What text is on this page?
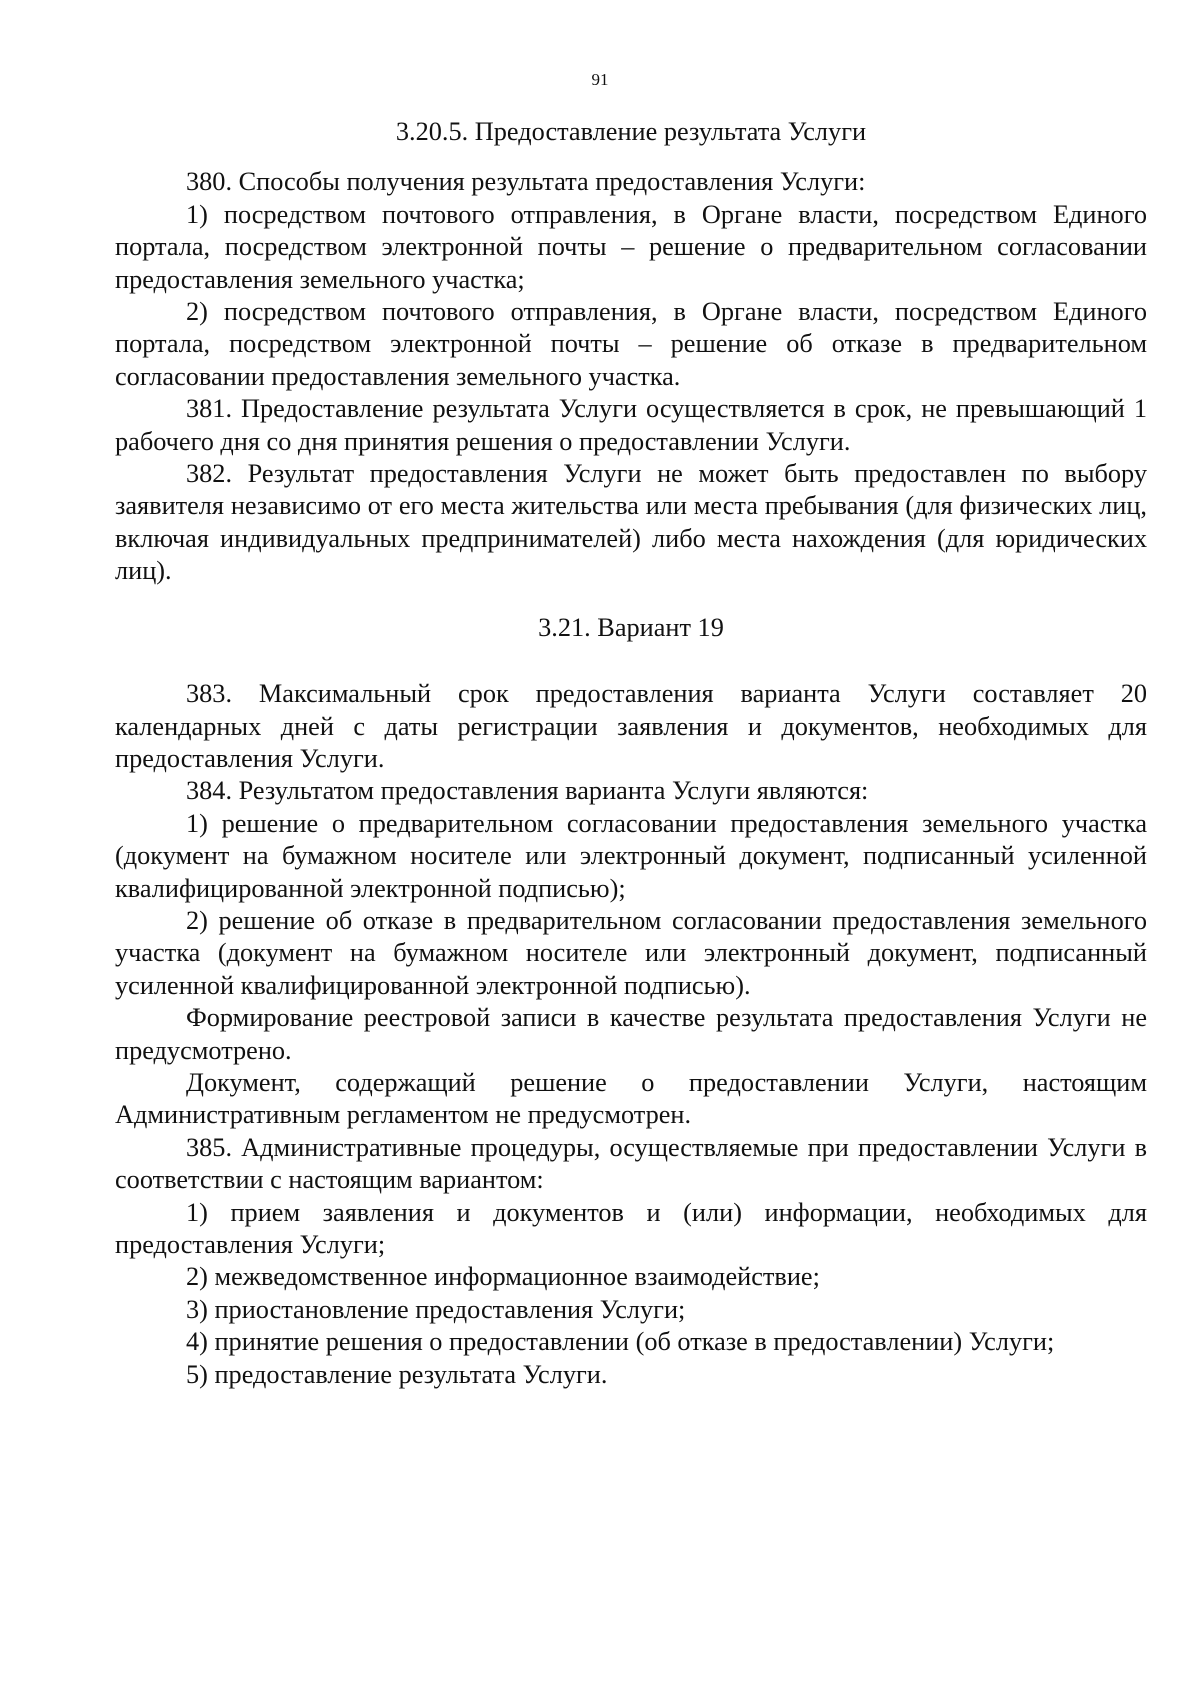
91
3.20.5. Предоставление результата Услуги

380. Способы получения результата предоставления Услуги:

1) посредством почтового отправления, в Органе власти, посредством Единого портала, посредством электронной почты – решение о предварительном согласовании предоставления земельного участка;

2) посредством почтового отправления, в Органе власти, посредством Единого портала, посредством электронной почты – решение об отказе в предварительном согласовании предоставления земельного участка.

381. Предоставление результата Услуги осуществляется в срок, не превышающий 1 рабочего дня со дня принятия решения о предоставлении Услуги.

382. Результат предоставления Услуги не может быть предоставлен по выбору заявителя независимо от его места жительства или места пребывания (для физических лиц, включая индивидуальных предпринимателей) либо места нахождения (для юридических лиц).

3.21. Вариант 19

383. Максимальный срок предоставления варианта Услуги составляет 20 календарных дней с даты регистрации заявления и документов, необходимых для предоставления Услуги.

384. Результатом предоставления варианта Услуги являются:

1) решение о предварительном согласовании предоставления земельного участка (документ на бумажном носителе или электронный документ, подписанный усиленной квалифицированной электронной подписью);

2) решение об отказе в предварительном согласовании предоставления земельного участка (документ на бумажном носителе или электронный документ, подписанный усиленной квалифицированной электронной подписью).

Формирование реестровой записи в качестве результата предоставления Услуги не предусмотрено.

Документ, содержащий решение о предоставлении Услуги, настоящим Административным регламентом не предусмотрен.

385. Административные процедуры, осуществляемые при предоставлении Услуги в соответствии с настоящим вариантом:

1) прием заявления и документов и (или) информации, необходимых для предоставления Услуги;

2) межведомственное информационное взаимодействие;

3) приостановление предоставления Услуги;

4) принятие решения о предоставлении (об отказе в предоставлении) Услуги;

5) предоставление результата Услуги.
